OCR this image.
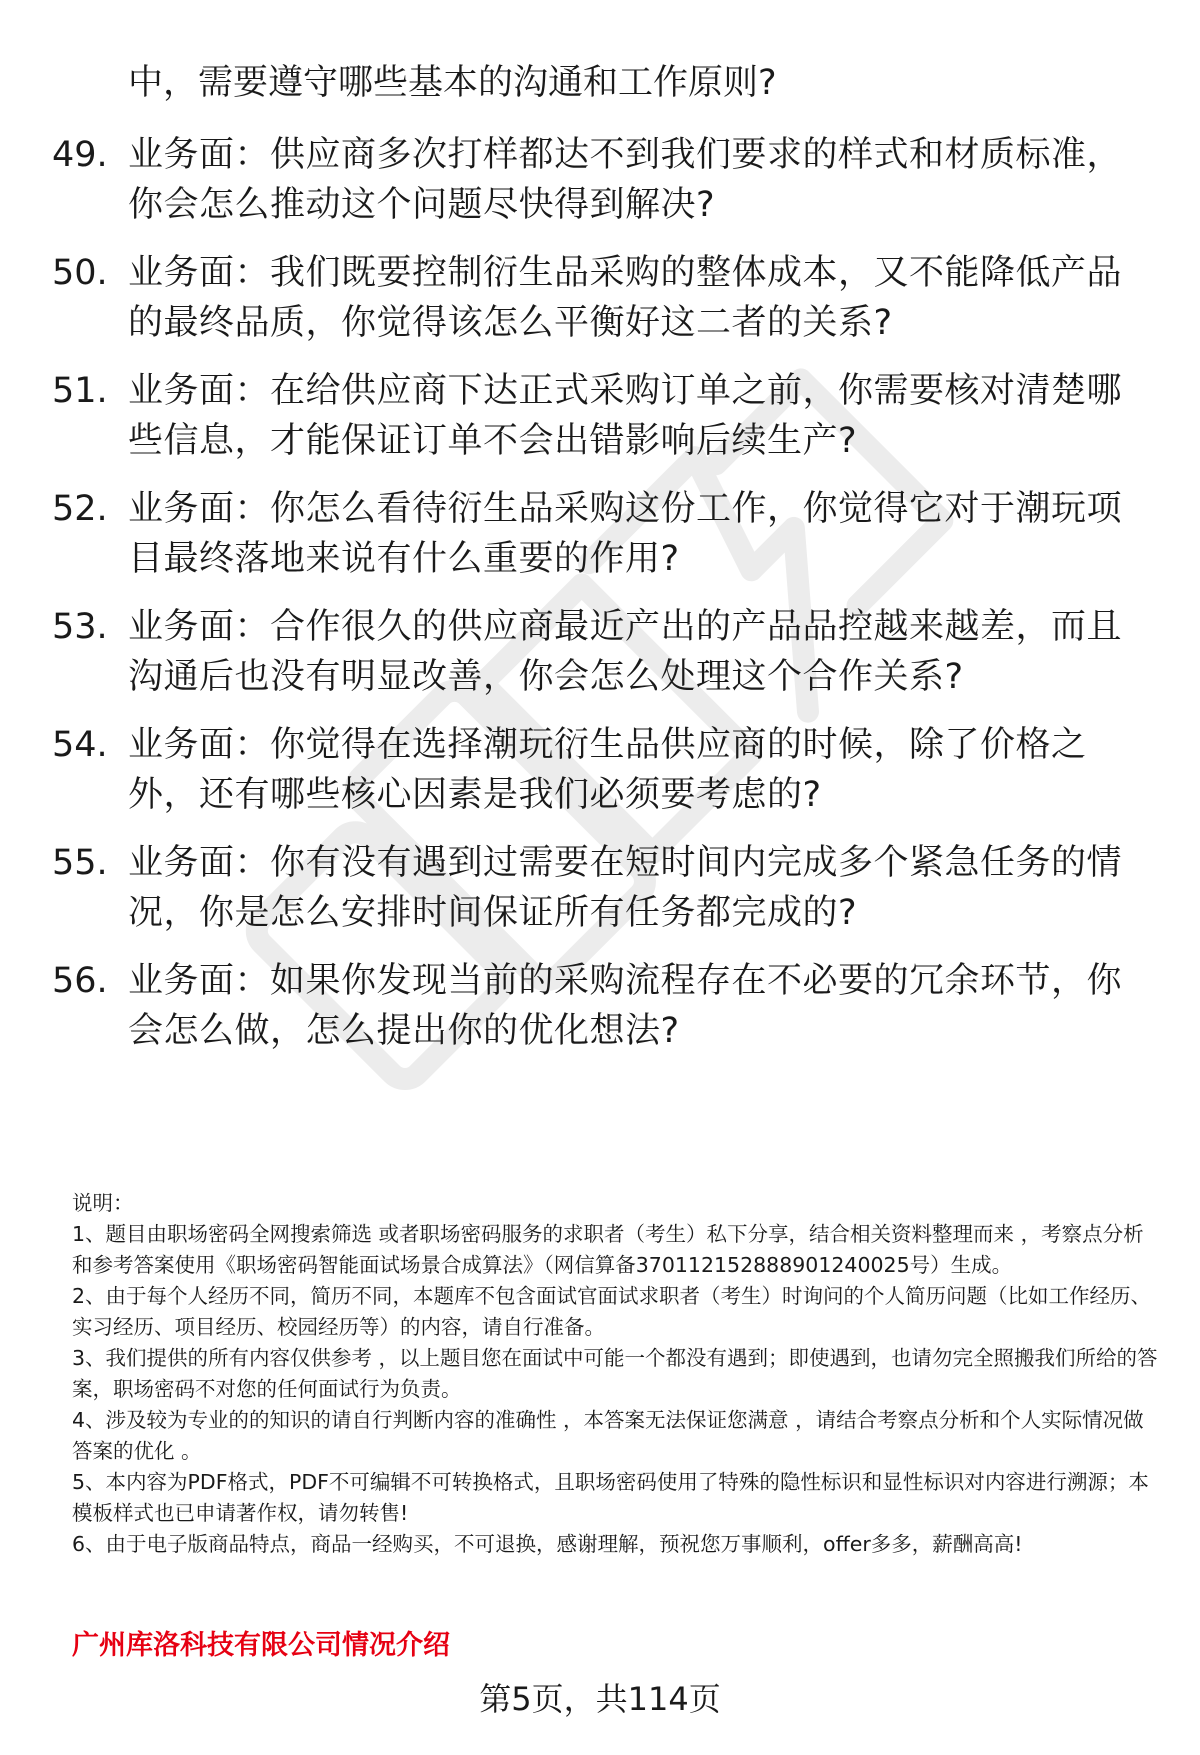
中，需要遵守哪些基本的沟通和工作原则?
49. 业务面：供应商多次打样都达不到我们要求的样式和材质标准，你会怎么推动这个问题尽快得到解决?
50. 业务面：我们既要控制衍生品采购的整体成本，又不能降低产品的最终品质，你觉得该怎么平衡好这二者的关系?
51. 业务面：在给供应商下达正式采购订单之前，你需要核对清楚哪些信息，才能保证订单不会出错影响后续生产?
52. 业务面：你怎么看待衍生品采购这份工作，你觉得它对于潮玩项目最终落地来说有什么重要的作用?
53. 业务面：合作很久的供应商最近产出的产品品控越来越差，而且沟通后也没有明显改善，你会怎么处理这个合作关系?
54. 业务面：你觉得在选择潮玩衍生品供应商的时候，除了价格之外，还有哪些核心因素是我们必须要考虑的?
55. 业务面：你有没有遇到过需要在短时间内完成多个紧急任务的情况，你是怎么安排时间保证所有任务都完成的?
56. 业务面：如果你发现当前的采购流程存在不必要的冗余环节，你会怎么做，怎么提出你的优化想法?

说明：

1、题目由职场密码全网搜索筛选 或者职场密码服务的求职者（考生）私下分享，结合相关资料整理而来 ，考察点分析和参考答案使用《职场密码智能面试场景合成算法》（网信算备370112152888901240025号）生成。

2、由于每个人经历不同，简历不同，本题库不包含面试官面试求职者（考生）时询问的个人简历问题（比如工作经历、实习经历、项目经历、校园经历等）的内容，请自行准备。

3、我们提供的所有内容仅供参考 ，以上题目您在面试中可能一个都没有遇到；即使遇到，也请勿完全照搬我们所给的答案，职场密码不对您的任何面试行为负责。

4、涉及较为专业的的知识的请自行判断内容的准确性 ，本答案无法保证您满意 ，请结合考察点分析和个人实际情况做答案的优化 。

5、本内容为PDF格式，PDF不可编辑不可转换格式，且职场密码使用了特殊的隐性标识和显性标识对内容进行溯源；本模板样式也已申请著作权，请勿转售!

6、由于电子版商品特点，商品一经购买，不可退换，感谢理解，预祝您万事顺利，offer多多，薪酬高高!

广州库洛科技有限公司情况介绍
第5页，共114页
